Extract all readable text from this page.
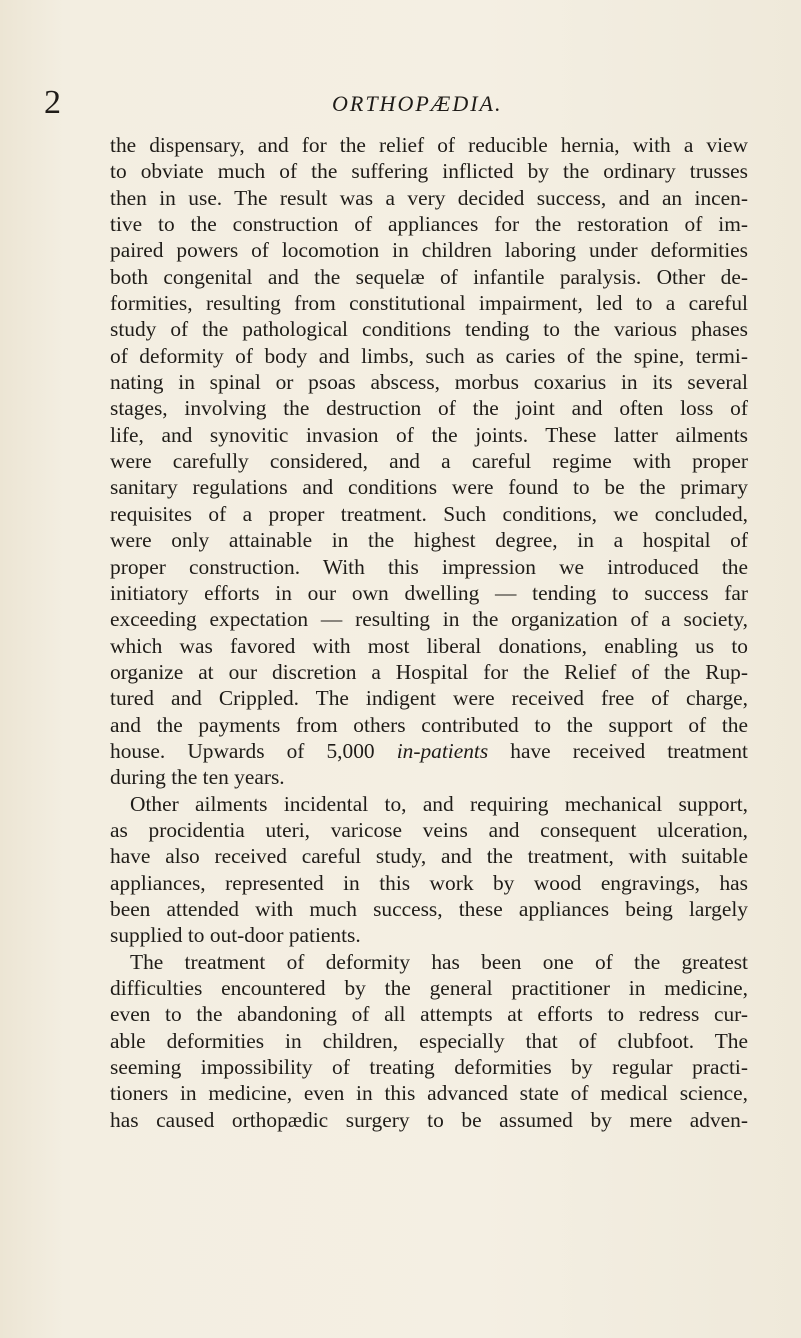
2	ORTHOPÆDIA.
the dispensary, and for the relief of reducible hernia, with a view
to obviate much of the suffering inflicted by the ordinary trusses
then in use. The result was a very decided success, and an incen-
tive to the construction of appliances for the restoration of im-
paired powers of locomotion in children laboring under deformities
both congenital and the sequelæ of infantile paralysis. Other de-
formities, resulting from constitutional impairment, led to a careful
study of the pathological conditions tending to the various phases
of deformity of body and limbs, such as caries of the spine, termi-
nating in spinal or psoas abscess, morbus coxarius in its several
stages, involving the destruction of the joint and often loss of
life, and synovitic invasion of the joints. These latter ailments
were carefully considered, and a careful regime with proper
sanitary regulations and conditions were found to be the primary
requisites of a proper treatment. Such conditions, we concluded,
were only attainable in the highest degree, in a hospital of
proper construction. With this impression we introduced the
initiatory efforts in our own dwelling — tending to success far
exceeding expectation — resulting in the organization of a society,
which was favored with most liberal donations, enabling us to
organize at our discretion a Hospital for the Relief of the Rup-
tured and Crippled. The indigent were received free of charge,
and the payments from others contributed to the support of the
house. Upwards of 5,000 in-patients have received treatment
during the ten years.
Other ailments incidental to, and requiring mechanical support,
as procidentia uteri, varicose veins and consequent ulceration,
have also received careful study, and the treatment, with suitable
appliances, represented in this work by wood engravings, has
been attended with much success, these appliances being largely
supplied to out-door patients.
The treatment of deformity has been one of the greatest
difficulties encountered by the general practitioner in medicine,
even to the abandoning of all attempts at efforts to redress cur-
able deformities in children, especially that of clubfoot. The
seeming impossibility of treating deformities by regular practi-
tioners in medicine, even in this advanced state of medical science,
has caused orthopædic surgery to be assumed by mere adven-
